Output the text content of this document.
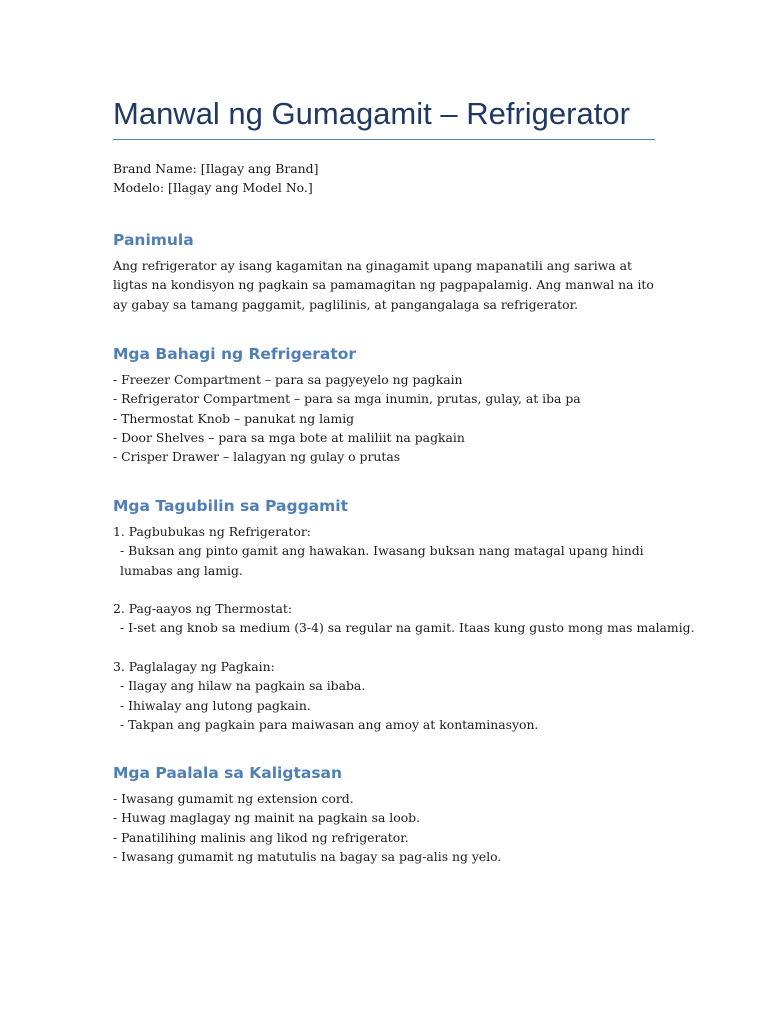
Manwal ng Gumagamit – Refrigerator
Brand Name: [Ilagay ang Brand]
Modelo: [Ilagay ang Model No.]
Panimula

Ang refrigerator ay isang kagamitan na ginagamit upang mapanatili ang sariwa at ligtas na kondisyon ng pagkain sa pamamagitan ng pagpapalamig. Ang manwal na ito ay gabay sa tamang paggamit, paglilinis, at pangangalaga sa refrigerator.

Mga Bahagi ng Refrigerator
- Freezer Compartment – para sa pagyeyelo ng pagkain
- Refrigerator Compartment – para sa mga inumin, prutas, gulay, at iba pa
- Thermostat Knob – panukat ng lamig
- Door Shelves – para sa mga bote at maliliit na pagkain
- Crisper Drawer – lalagyan ng gulay o prutas
Mga Tagubilin sa Paggamit
1. Pagbubukas ng Refrigerator:
- Buksan ang pinto gamit ang hawakan. Iwasang buksan nang matagal upang hindi lumabas ang lamig.
2. Pag-aayos ng Thermostat:
- I-set ang knob sa medium (3-4) sa regular na gamit. Itaas kung gusto mong mas malamig.
3. Paglalagay ng Pagkain:
- Ilagay ang hilaw na pagkain sa ibaba.
- Ihiwalay ang lutong pagkain.
- Takpan ang pagkain para maiwasan ang amoy at kontaminasyon.
Mga Paalala sa Kaligtasan
- Iwasang gumamit ng extension cord.
- Huwag maglagay ng mainit na pagkain sa loob.
- Panatilihing malinis ang likod ng refrigerator.
- Iwasang gumamit ng matutulis na bagay sa pag-alis ng yelo.
